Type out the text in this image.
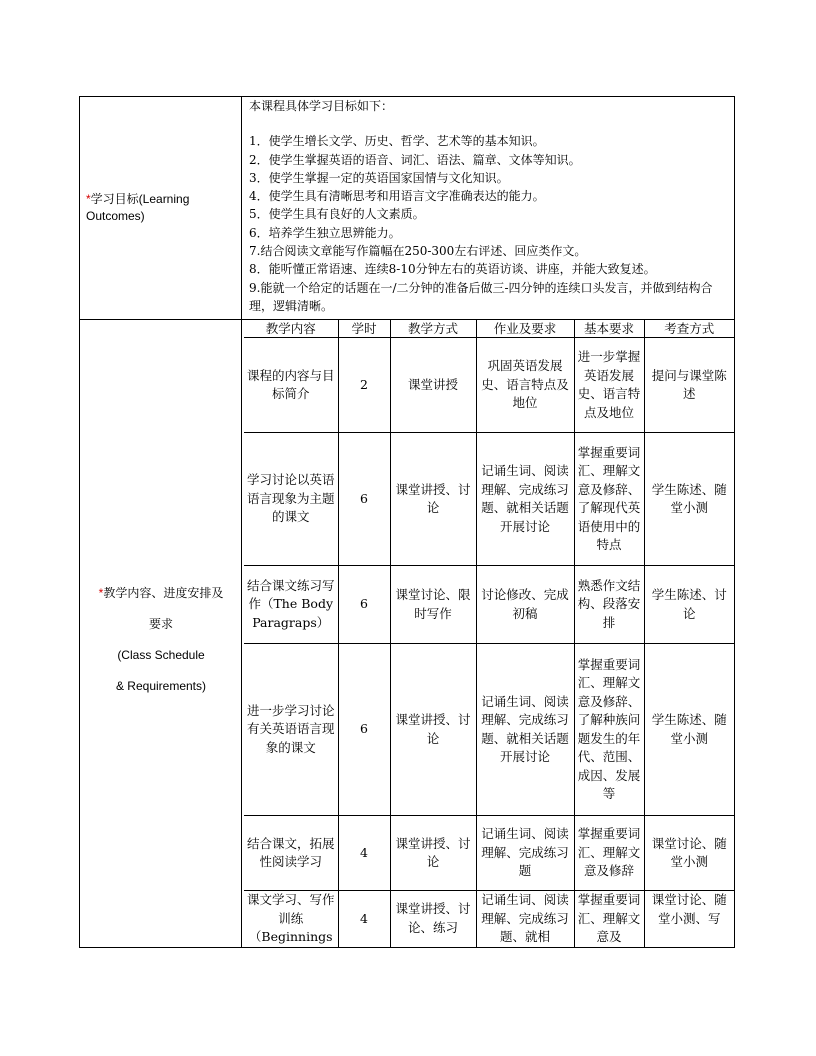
*学习目标(Learning Outcomes)
本课程具体学习目标如下：
1．使学生增长文学、历史、哲学、艺术等的基本知识。
2．使学生掌握英语的语音、词汇、语法、篇章、文体等知识。
3．使学生掌握一定的英语国家国情与文化知识。
4．使学生具有清晰思考和用语言文字准确表达的能力。
5．使学生具有良好的人文素质。
6．培养学生独立思辨能力。
7.结合阅读文章能写作篇幅在250-300左右评述、回应类作文。
8．能听懂正常语速、连续8-10分钟左右的英语访谈、讲座，并能大致复述。
9.能就一个给定的话题在一/二分钟的准备后做三-四分钟的连续口头发言，并做到结构合理，逻辑清晰。
*教学内容、进度安排及
要求
(Class Schedule
& Requirements)
教学内容	学时	教学方式	作业及要求	基本要求	考查方式
课程的内容与目标简介	2	课堂讲授	巩固英语发展史、语言特点及地位	进一步掌握英语发展史、语言特点及地位	提问与课堂陈述
学习讨论以英语语言现象为主题的课文	6	课堂讲授、讨论	记诵生词、阅读理解、完成练习题、就相关话题开展讨论	掌握重要词汇、理解文意及修辞、了解现代英语使用中的特点	学生陈述、随堂小测
结合课文练习写作（The Body Paragraps）	6	课堂讨论、限时写作	讨论修改、完成初稿	熟悉作文结构、段落安排	学生陈述、讨论
进一步学习讨论有关英语语言现象的课文	6	课堂讲授、讨论	记诵生词、阅读理解、完成练习题、就相关话题开展讨论	掌握重要词汇、理解文意及修辞、了解种族问题发生的年代、范围、成因、发展等	学生陈述、随堂小测
结合课文，拓展性阅读学习	4	课堂讲授、讨论	记诵生词、阅读理解、完成练习题	掌握重要词汇、理解文意及修辞	课堂讨论、随堂小测
课文学习、写作训练（Beginnings	4	课堂讲授、讨论、练习	记诵生词、阅读理解、完成练习题、就相	掌握重要词汇、理解文意及	课堂讨论、随堂小测、写
